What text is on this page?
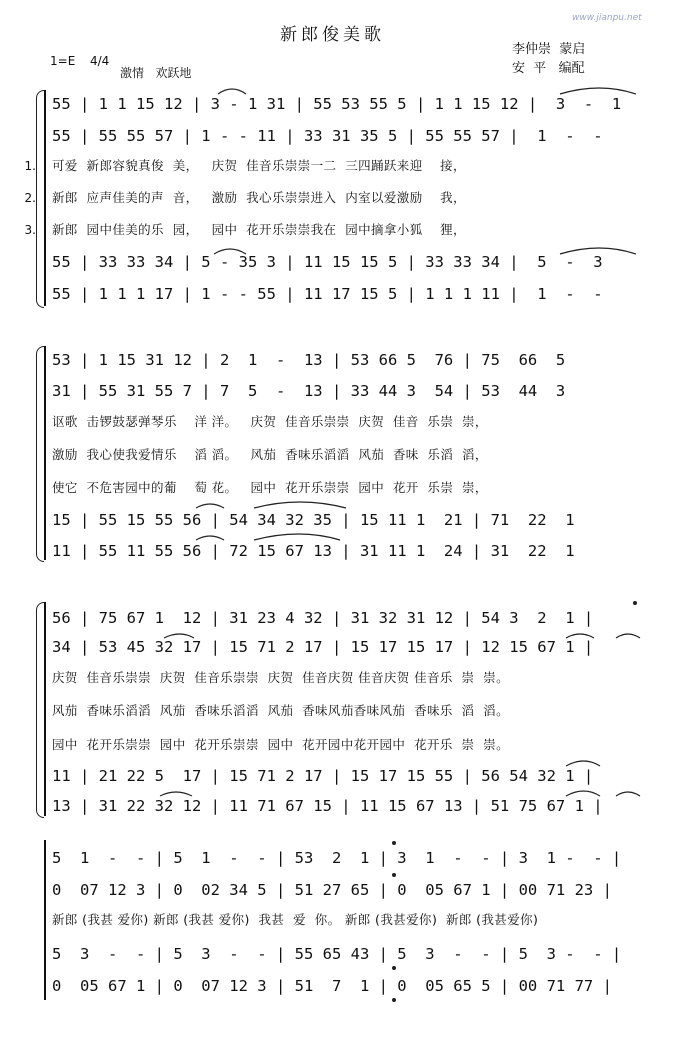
新郎俊美歌
1=E 4/4
激情   欢跃地
李仲崇  蒙启
安  平   编配
www.jianpu.net
1.
2.
3.
55 | 1 1 15 12 | 3 - 1 31 | 55 53 55 5 | 1 1 15 12 |  3  -  1
55 | 55 55 57 | 1 - - 11 | 33 31 35 5 | 55 55 57 |  1  -  -
可爱  新郎容貌真俊  美，   庆贺  佳音乐崇崇一二  三四踊跃来迎    接，
新郎  应声佳美的声  音，   激励  我心乐崇崇进入  内室以爱激励    我，
新郎  园中佳美的乐  园，   园中  花开乐崇崇我在  园中摘拿小狐    狸，
55 | 33 33 34 | 5 - 35 3 | 11 15 15 5 | 33 33 34 |  5  -  3
55 | 1 1 1 17 | 1 - - 55 | 11 17 15 5 | 1 1 1 11 |  1  -  -
53 | 1 15 31 12 | 2  1  -  13 | 53 66 5  76 | 75  66  5
31 | 55 31 55 7 | 7  5  -  13 | 33 44 3  54 | 53  44  3
讴歌  击锣鼓瑟弹琴乐    洋 洋。   庆贺  佳音乐崇崇  庆贺  佳音  乐崇  崇，
激励  我心使我爱情乐    滔 滔。   风茄  香味乐滔滔  风茄  香味  乐滔  滔，
使它  不危害园中的葡    萄 花。   园中  花开乐崇崇  园中  花开  乐崇  崇，
15 | 55 15 55 56 | 54 34 32 35 | 15 11 1  21 | 71  22  1
11 | 55 11 55 56 | 72 15 67 13 | 31 11 1  24 | 31  22  1
56 | 75 67 1  12 | 31 23 4 32 | 31 32 31 12 | 54 3  2  1 |
34 | 53 45 32 17 | 15 71 2 17 | 15 17 15 17 | 12 15 67 1 |
庆贺  佳音乐崇崇  庆贺  佳音乐崇崇  庆贺  佳音庆贺 佳音庆贺 佳音乐  崇  崇。
风茄  香味乐滔滔  风茄  香味乐滔滔  风茄  香味风茄香味风茄  香味乐  滔  滔。
园中  花开乐崇崇  园中  花开乐崇崇  园中  花开园中花开园中  花开乐  崇  崇。
11 | 21 22 5  17 | 15 71 2 17 | 15 17 15 55 | 56 54 32 1 |
13 | 31 22 32 12 | 11 71 67 15 | 11 15 67 13 | 51 75 67 1 |
5  1  -  - | 5  1  -  - | 53  2  1 | 3  1  -  - | 3  1 -  - |
0  07 12 3 | 0  02 34 5 | 51 27 65 | 0  05 67 1 | 00 71 23 |
新郎 (我甚 爱你) 新郎 (我甚 爱你)  我甚  爱  你。 新郎 (我甚爱你)  新郎 (我甚爱你)
5  3  -  - | 5  3  -  - | 55 65 43 | 5  3  -  - | 5  3 -  - |
0  05 67 1 | 0  07 12 3 | 51  7  1 | 0  05 65 5 | 00 71 77 |
